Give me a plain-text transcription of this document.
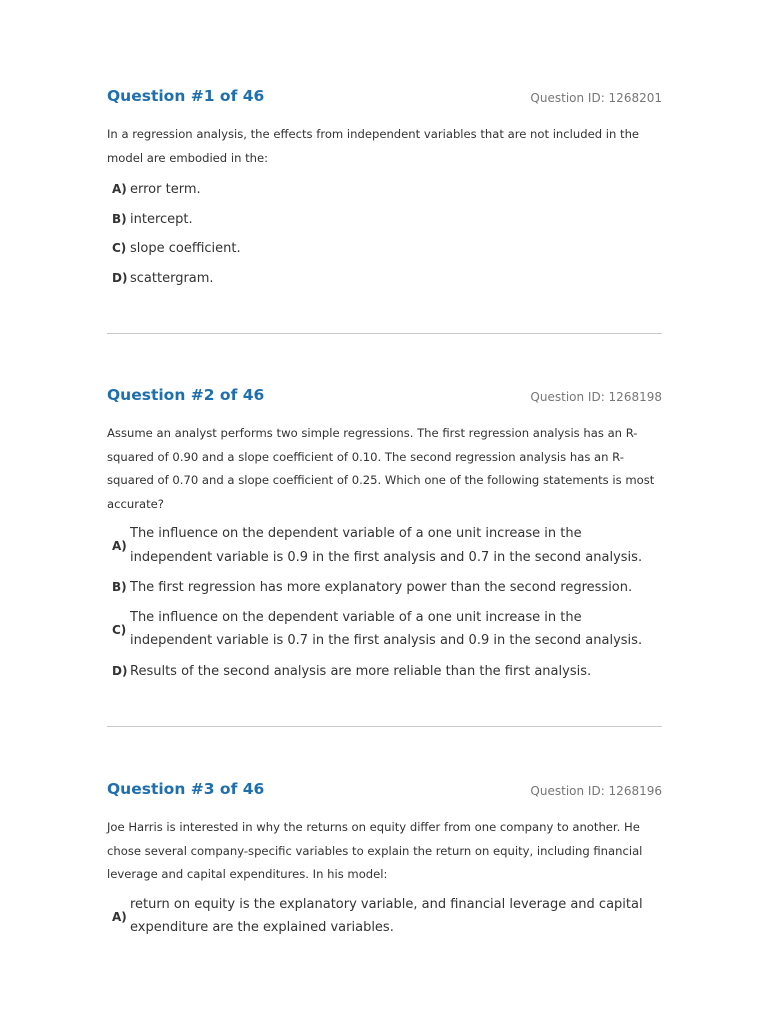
Question #1 of 46	Question ID: 1268201
In a regression analysis, the effects from independent variables that are not included in the model are embodied in the:
A) error term.
B) intercept.
C) slope coefficient.
D) scattergram.
Question #2 of 46	Question ID: 1268198
Assume an analyst performs two simple regressions. The first regression analysis has an R-squared of 0.90 and a slope coefficient of 0.10. The second regression analysis has an R-squared of 0.70 and a slope coefficient of 0.25. Which one of the following statements is most accurate?
A)
The influence on the dependent variable of a one unit increase in the independent variable is 0.9 in the first analysis and 0.7 in the second analysis.
B) The first regression has more explanatory power than the second regression.
C)
The influence on the dependent variable of a one unit increase in the independent variable is 0.7 in the first analysis and 0.9 in the second analysis.
D) Results of the second analysis are more reliable than the first analysis.
Question #3 of 46	Question ID: 1268196
Joe Harris is interested in why the returns on equity differ from one company to another. He chose several company-specific variables to explain the return on equity, including financial leverage and capital expenditures. In his model:
A)
return on equity is the explanatory variable, and financial leverage and capital expenditure are the explained variables.
